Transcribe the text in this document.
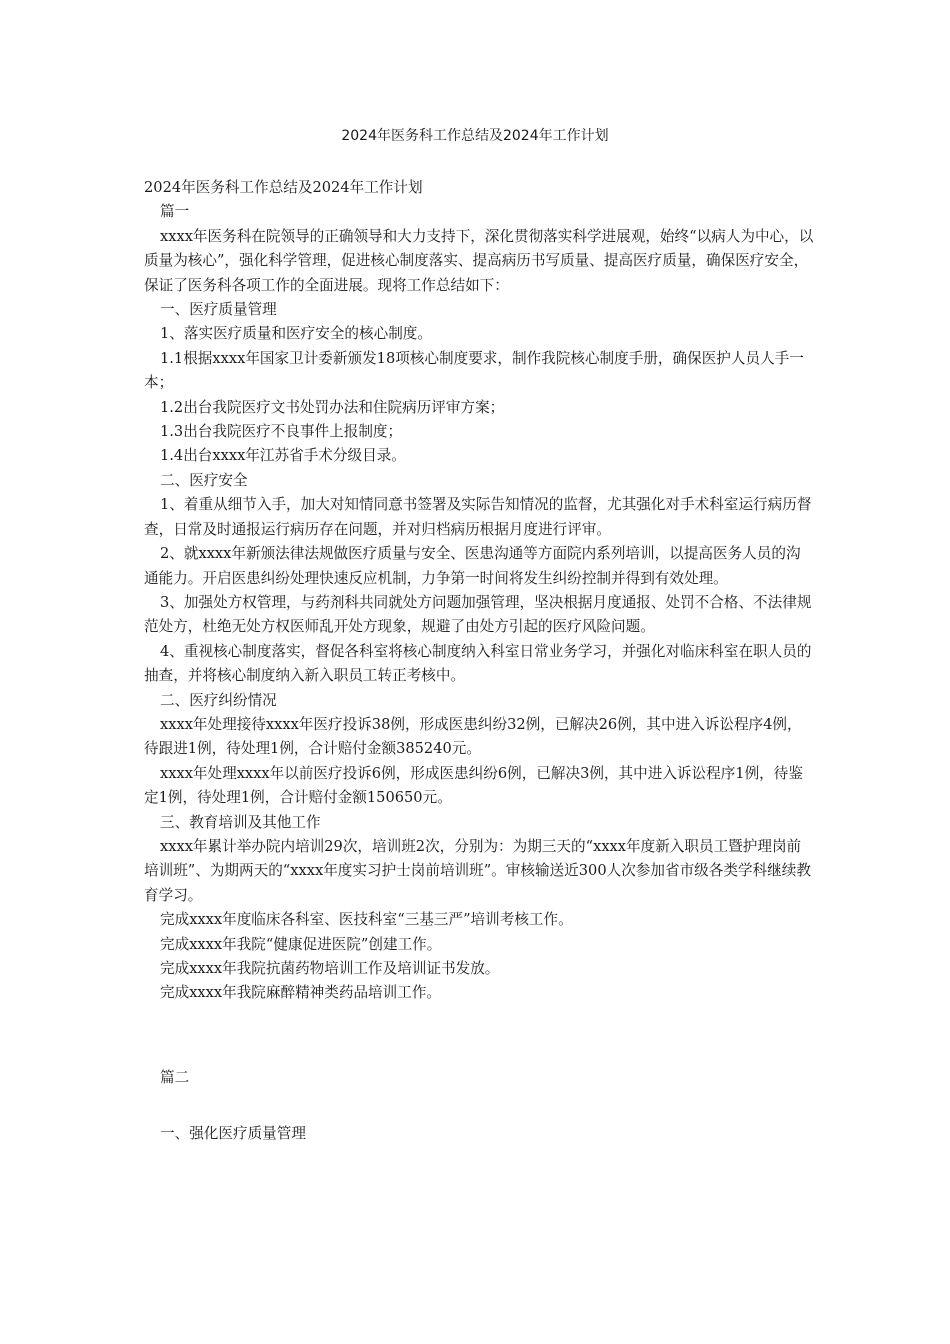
2024年医务科工作总结及2024年工作计划

2024年医务科工作总结及2024年工作计划

篇一

xxxx年医务科在院领导的正确领导和大力支持下，深化贯彻落实科学进展观，始终“以病人为中心，以质量为核心”，强化科学管理，促进核心制度落实、提高病历书写质量、提高医疗质量，确保医疗安全，保证了医务科各项工作的全面进展。现将工作总结如下：

一、医疗质量管理

1、落实医疗质量和医疗安全的核心制度。

1.1根据xxxx年国家卫计委新颁发18项核心制度要求，制作我院核心制度手册，确保医护人员人手一本；

1.2出台我院医疗文书处罚办法和住院病历评审方案；

1.3出台我院医疗不良事件上报制度；

1.4出台xxxx年江苏省手术分级目录。

二、医疗安全

1、着重从细节入手，加大对知情同意书签署及实际告知情况的监督，尤其强化对手术科室运行病历督查，日常及时通报运行病历存在问题，并对归档病历根据月度进行评审。

2、就xxxx年新颁法律法规做医疗质量与安全、医患沟通等方面院内系列培训，以提高医务人员的沟通能力。开启医患纠纷处理快速反应机制，力争第一时间将发生纠纷控制并得到有效处理。

3、加强处方权管理，与药剂科共同就处方问题加强管理，坚决根据月度通报、处罚不合格、不法律规范处方，杜绝无处方权医师乱开处方现象，规避了由处方引起的医疗风险问题。

4、重视核心制度落实，督促各科室将核心制度纳入科室日常业务学习，并强化对临床科室在职人员的抽查，并将核心制度纳入新入职员工转正考核中。

二、医疗纠纷情况

xxxx年处理接待xxxx年医疗投诉38例，形成医患纠纷32例，已解决26例，其中进入诉讼程序4例，待跟进1例，待处理1例，合计赔付金额385240元。

xxxx年处理xxxx年以前医疗投诉6例，形成医患纠纷6例，已解决3例，其中进入诉讼程序1例，待鉴定1例，待处理1例，合计赔付金额150650元。

三、教育培训及其他工作

xxxx年累计举办院内培训29次，培训班2次，分别为：为期三天的“xxxx年度新入职员工暨护理岗前培训班”、为期两天的“xxxx年度实习护士岗前培训班”。审核输送近300人次参加省市级各类学科继续教育学习。

完成xxxx年度临床各科室、医技科室“三基三严”培训考核工作。

完成xxxx年我院“健康促进医院”创建工作。

完成xxxx年我院抗菌药物培训工作及培训证书发放。

完成xxxx年我院麻醉精神类药品培训工作。

篇二

一、强化医疗质量管理
